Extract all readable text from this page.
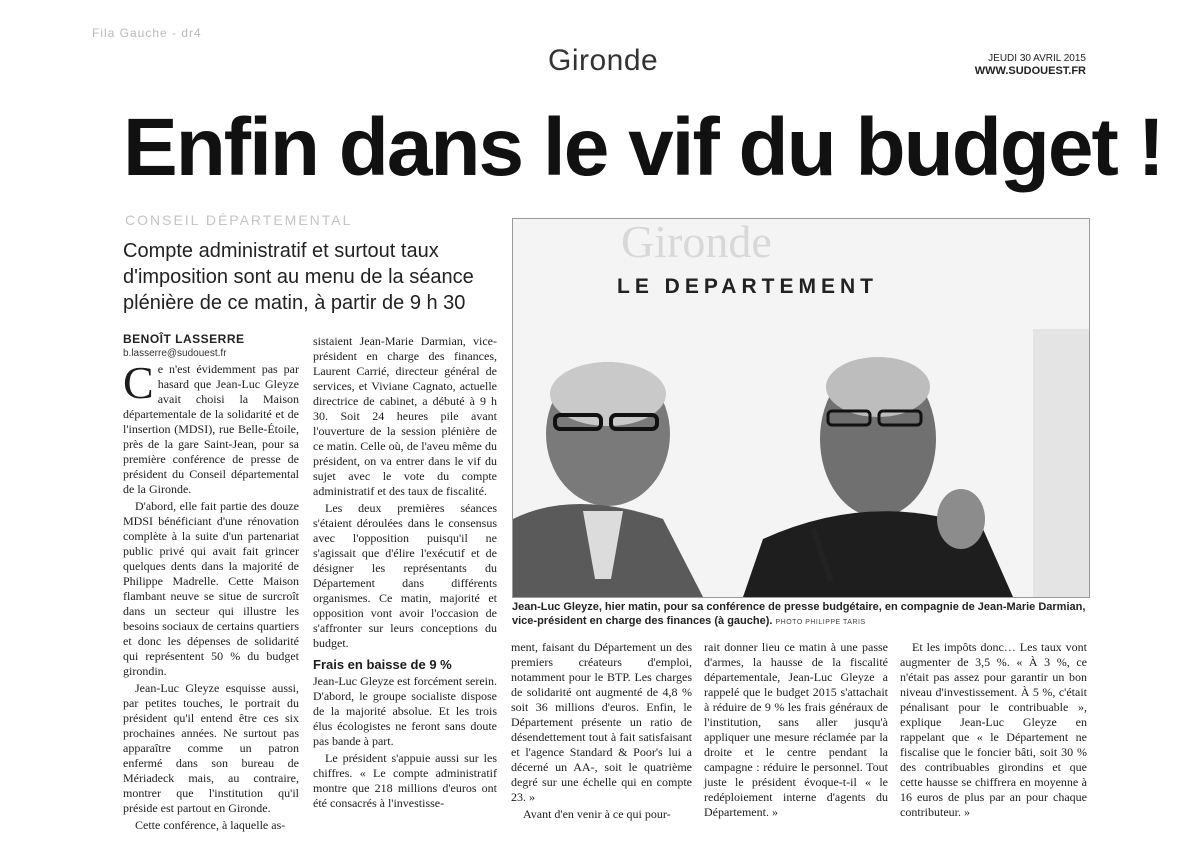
Fila Gauche - dr4
Gironde	JEUDI 30 AVRIL 2015
WWW.SUDOUEST.FR
Enfin dans le vif du budget !
CONSEIL DÉPARTEMENTAL
Compte administratif et surtout taux d'imposition sont au menu de la séance plénière de ce matin, à partir de 9 h 30
BENOÎT LASSERRE
b.lasserre@sudouest.fr

Ce n'est évidemment pas par hasard que Jean-Luc Gleyze avait choisi la Maison départementale de la solidarité et de l'insertion (MDSI), rue Belle-Étoile, près de la gare Saint-Jean, pour sa première conférence de presse de président du Conseil départemental de la Gironde.

D'abord, elle fait partie des douze MDSI bénéficiant d'une rénovation complète à la suite d'un partenariat public privé qui avait fait grincer quelques dents dans la majorité de Philippe Madrelle. Cette Maison flambant neuve se situe de surcroît dans un secteur qui illustre les besoins sociaux de certains quartiers et donc les dépenses de solidarité qui représentent 50 % du budget girondin.

Jean-Luc Gleyze esquisse aussi, par petites touches, le portrait du président qu'il entend être ces six prochaines années. Ne surtout pas apparaître comme un patron enfermé dans son bureau de Mériadeck mais, au contraire, montrer que l'institution qu'il préside est partout en Gironde.

Cette conférence, à laquelle as-

sistaient Jean-Marie Darmian, vice-président en charge des finances, Laurent Carrié, directeur général de services, et Viviane Cagnato, actuelle directrice de cabinet, a débuté à 9 h 30. Soit 24 heures pile avant l'ouverture de la session plénière de ce matin. Celle où, de l'aveu même du président, on va entrer dans le vif du sujet avec le vote du compte administratif et des taux de fiscalité.

Les deux premières séances s'étaient déroulées dans le consensus avec l'opposition puisqu'il ne s'agissait que d'élire l'exécutif et de désigner les représentants du Département dans différents organismes. Ce matin, majorité et opposition vont avoir l'occasion de s'affronter sur leurs conceptions du budget.

Frais en baisse de 9 %

Jean-Luc Gleyze est forcément serein. D'abord, le groupe socialiste dispose de la majorité absolue. Et les trois élus écologistes ne feront sans doute pas bande à part.

Le président s'appuie aussi sur les chiffres. « Le compte administratif montre que 218 millions d'euros ont été consacrés à l'investisse-

Gironde
LE DEPARTEMENT
Jean-Luc Gleyze, hier matin, pour sa conférence de presse budgétaire, en compagnie de Jean-Marie Darmian, vice-président en charge des finances (à gauche). PHOTO PHILIPPE TARIS

ment, faisant du Département un des premiers créateurs d'emploi, notamment pour le BTP. Les charges de solidarité ont augmenté de 4,8 % soit 36 millions d'euros. Enfin, le Département présente un ratio de désendettement tout à fait satisfaisant et l'agence Standard & Poor's lui a décerné un AA-, soit le quatrième degré sur une échelle qui en compte 23. »

Avant d'en venir à ce qui pour-

rait donner lieu ce matin à une passe d'armes, la hausse de la fiscalité départementale, Jean-Luc Gleyze a rappelé que le budget 2015 s'attachait à réduire de 9 % les frais généraux de l'institution, sans aller jusqu'à appliquer une mesure réclamée par la droite et le centre pendant la campagne : réduire le personnel. Tout juste le président évoque-t-il « le redéploiement interne d'agents du Département. »

Et les impôts donc… Les taux vont augmenter de 3,5 %. « À 3 %, ce n'était pas assez pour garantir un bon niveau d'investissement. À 5 %, c'était pénalisant pour le contribuable », explique Jean-Luc Gleyze en rappelant que « le Département ne fiscalise que le foncier bâti, soit 30 % des contribuables girondins et que cette hausse se chiffrera en moyenne à 16 euros de plus par an pour chaque contributeur. »
